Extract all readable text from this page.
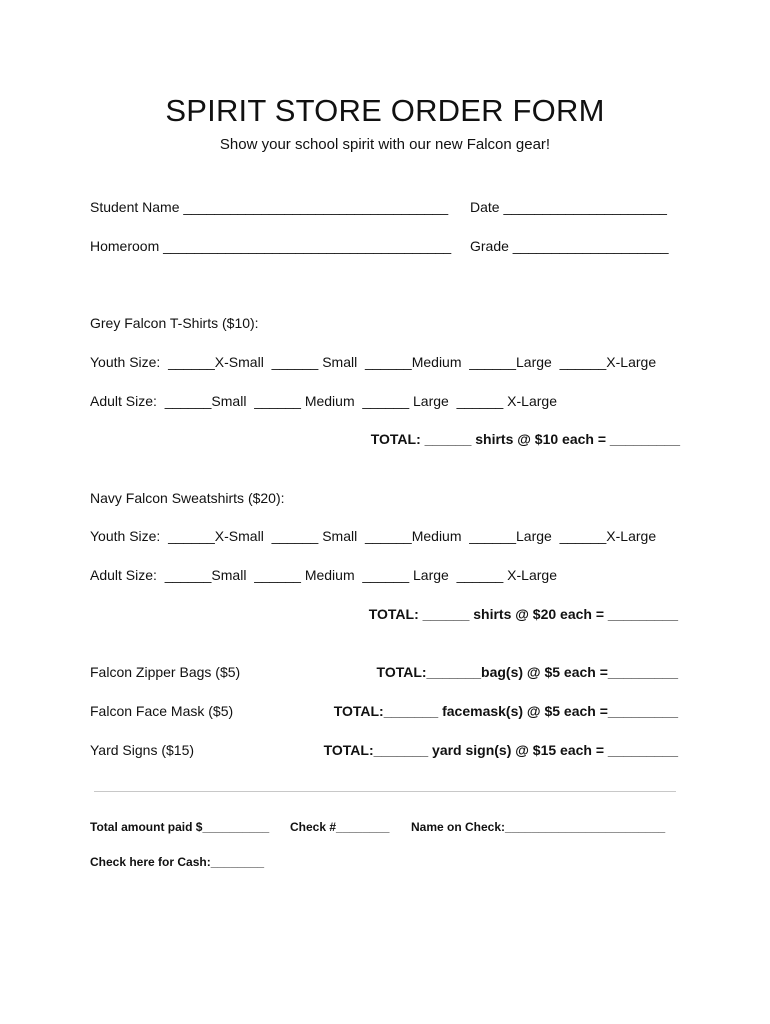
SPIRIT STORE ORDER FORM
Show your school spirit with our new Falcon gear!
Student Name __________________________________ Date _____________________
Homeroom _____________________________________ Grade ____________________
Grey Falcon T-Shirts ($10):
Youth Size:  ______X-Small  ______ Small  ______Medium  ______Large  ______X-Large
Adult Size:  ______Small  ______ Medium  ______ Large  ______ X-Large
TOTAL: ______ shirts @ $10 each = _________
Navy Falcon Sweatshirts ($20):
Youth Size:  ______X-Small  ______ Small  ______Medium  ______Large  ______X-Large
Adult Size:  ______Small  ______ Medium  ______ Large  ______ X-Large
TOTAL: ______ shirts @ $20 each = _________
Falcon Zipper Bags ($5)	TOTAL:_______bag(s) @ $5 each =_________
Falcon Face Mask ($5)	TOTAL:_______ facemask(s) @ $5 each =_________
Yard Signs ($15)	TOTAL:_______ yard sign(s) @ $15 each = _________
Total amount paid $__________ Check #________ Name on Check:________________________
Check here for Cash:________
